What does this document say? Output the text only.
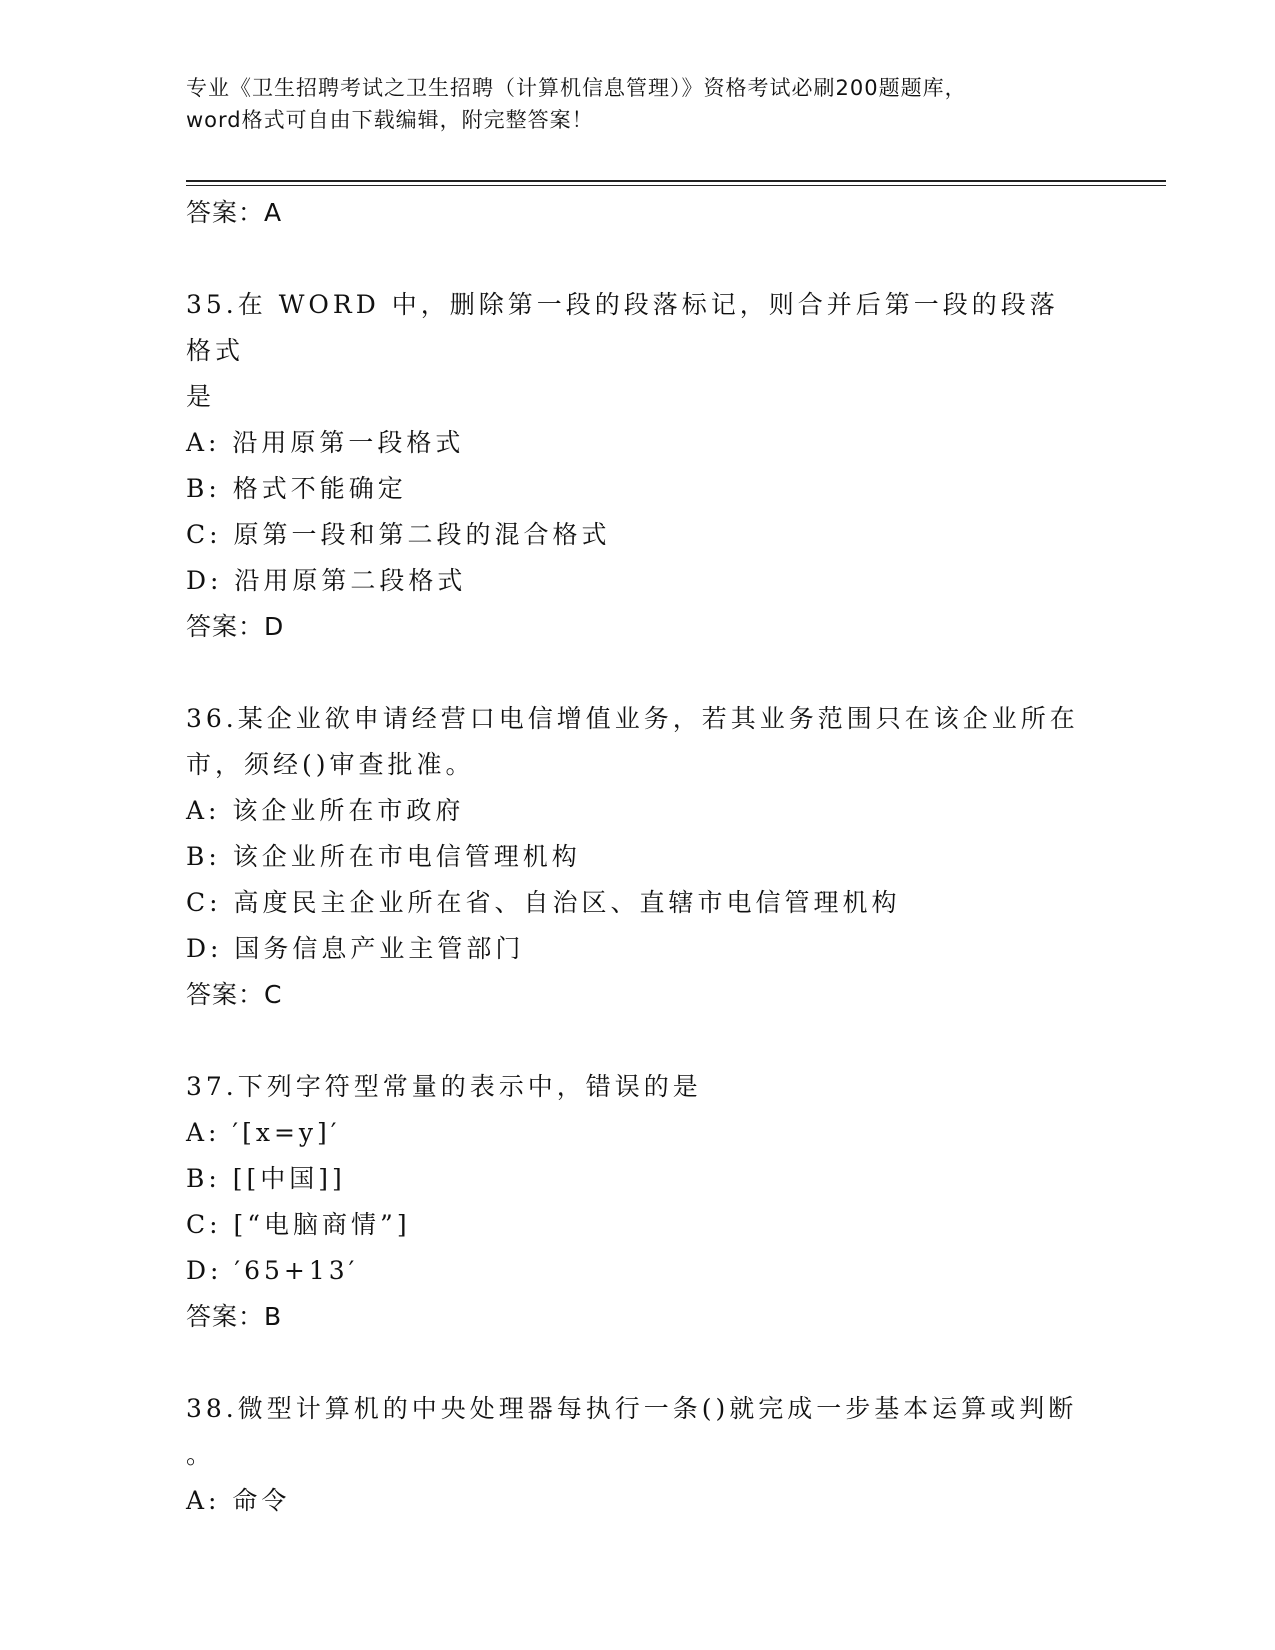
专业《卫生招聘考试之卫生招聘（计算机信息管理）》资格考试必刷200题题库，
word格式可自由下载编辑，附完整答案！
答案：A
35.在 WORD 中，删除第一段的段落标记，则合并后第一段的段落格式
是
A: 沿用原第一段格式
B: 格式不能确定
C: 原第一段和第二段的混合格式
D: 沿用原第二段格式
答案：D
36.某企业欲申请经营口电信增值业务，若其业务范围只在该企业所在
市，须经()审查批准。
A: 该企业所在市政府
B: 该企业所在市电信管理机构
C: 高度民主企业所在省、自治区、直辖市电信管理机构
D: 国务信息产业主管部门
答案：C
37.下列字符型常量的表示中，错误的是
A: ′[x=y]′
B: [[中国]]
C: [“电脑商情”]
D: ′65+13′
答案：B
38.微型计算机的中央处理器每执行一条()就完成一步基本运算或判断
。
A: 命令
